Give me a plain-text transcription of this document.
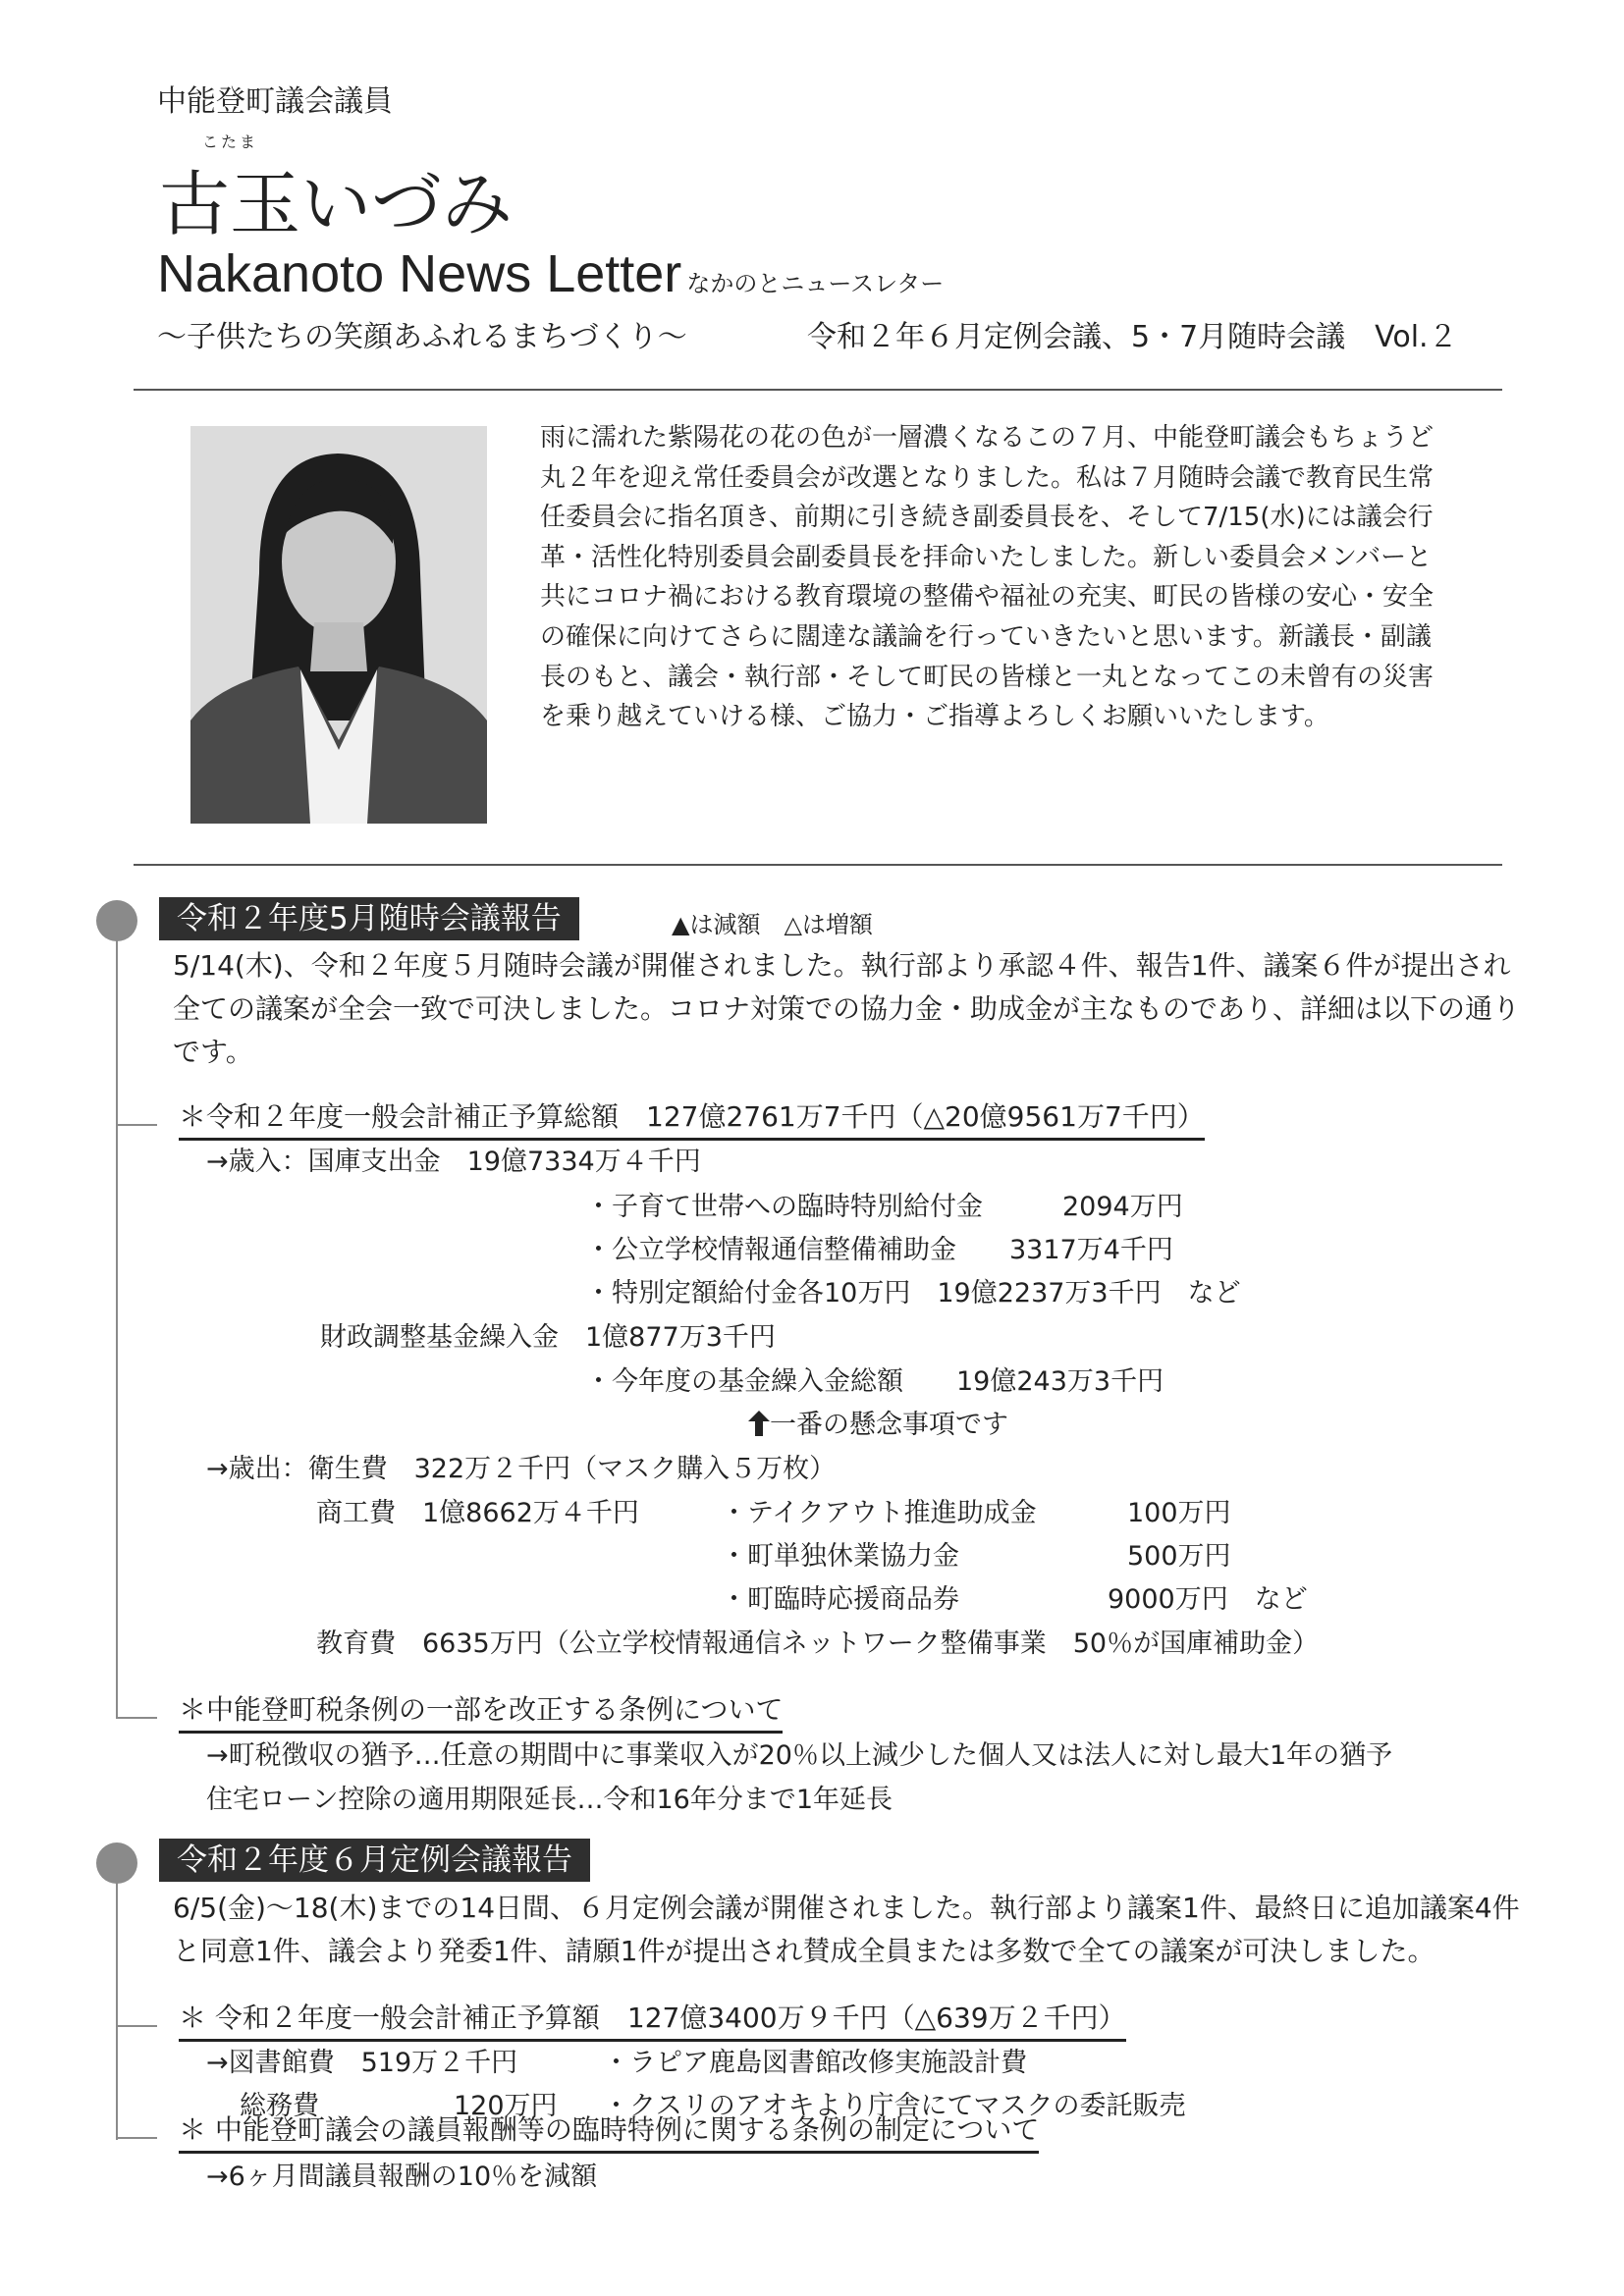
中能登町議会議員
こたま
古玉いづみ
Nakanoto News Letter なかのとニュースレター
～子供たちの笑顔あふれるまちづくり～	令和２年６月定例会議、5・7月随時会議　Vol.２
雨に濡れた紫陽花の花の色が一層濃くなるこの７月、中能登町議会もちょうど丸２年を迎え常任委員会が改選となりました。私は７月随時会議で教育民生常任委員会に指名頂き、前期に引き続き副委員長を、そして7/15(水)には議会行革・活性化特別委員会副委員長を拝命いたしました。新しい委員会メンバーと共にコロナ禍における教育環境の整備や福祉の充実、町民の皆様の安心・安全の確保に向けてさらに闊達な議論を行っていきたいと思います。新議長・副議長のもと、議会・執行部・そして町民の皆様と一丸となってこの未曾有の災害を乗り越えていける様、ご協力・ご指導よろしくお願いいたします。
令和２年度5月随時会議報告	▲は減額　△は増額
5/14(木)、令和２年度５月随時会議が開催されました。執行部より承認４件、報告1件、議案６件が提出され全ての議案が全会一致で可決しました。コロナ対策での協力金・助成金が主なものであり、詳細は以下の通りです。
＊令和２年度一般会計補正予算総額　127億2761万7千円（△20億9561万7千円）
→歳入：国庫支出金　19億7334万４千円
・子育て世帯への臨時特別給付金　　　2094万円
・公立学校情報通信整備補助金　　3317万4千円
・特別定額給付金各10万円　19億2237万3千円　など
財政調整基金繰入金　1億877万3千円
・今年度の基金繰入金総額　　19億243万3千円
一番の懸念事項です
→歳出：衛生費　322万２千円（マスク購入５万枚）
商工費　1億8662万４千円	・テイクアウト推進助成金	100万円
・町単独休業協力金	500万円
・町臨時応援商品券	9000万円　など
教育費　6635万円（公立学校情報通信ネットワーク整備事業　50％が国庫補助金）
＊中能登町税条例の一部を改正する条例について
→町税徴収の猶予…任意の期間中に事業収入が20％以上減少した個人又は法人に対し最大1年の猶予
住宅ローン控除の適用期限延長…令和16年分まで1年延長
令和２年度６月定例会議報告
6/5(金)～18(木)までの14日間、６月定例会議が開催されました。執行部より議案1件、最終日に追加議案4件と同意1件、議会より発委1件、請願1件が提出され賛成全員または多数で全ての議案が可決しました。
＊ 令和２年度一般会計補正予算額　127億3400万９千円（△639万２千円）
→図書館費　519万２千円	・ラピア鹿島図書館改修実施設計費
総務費	120万円 ・クスリのアオキより庁舎にてマスクの委託販売
＊ 中能登町議会の議員報酬等の臨時特例に関する条例の制定について
→6ヶ月間議員報酬の10％を減額
